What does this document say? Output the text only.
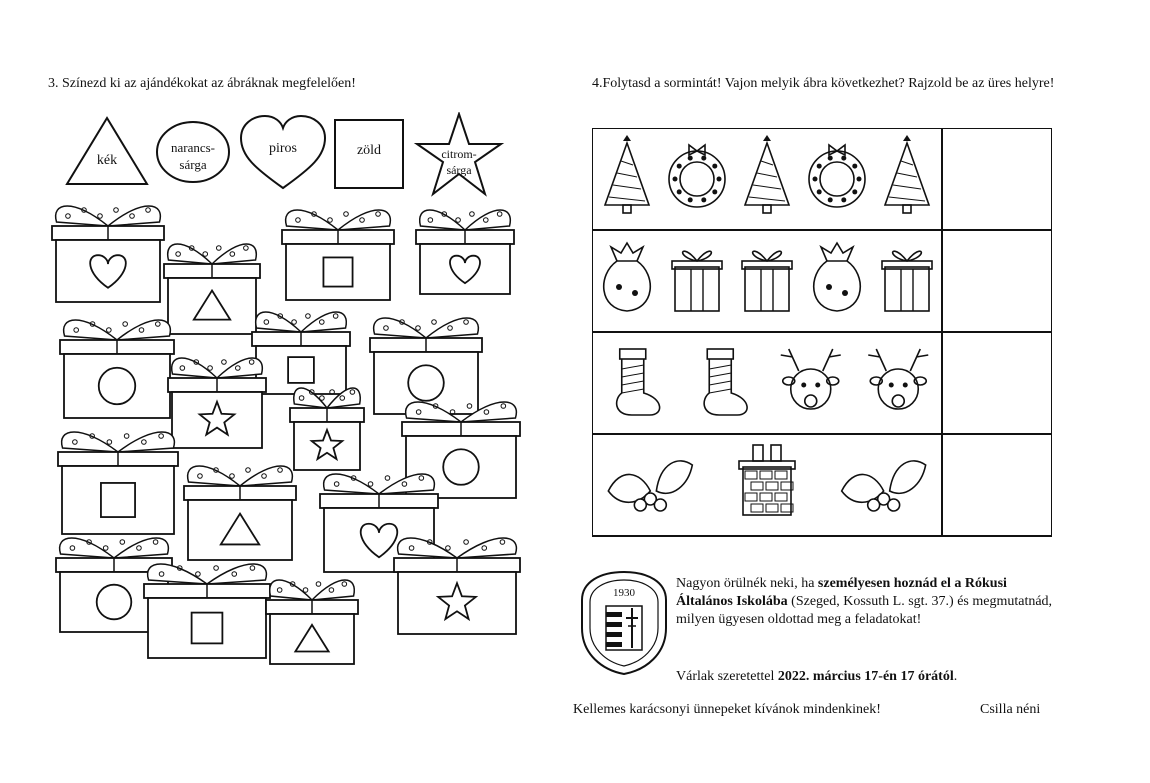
3. Színezd ki az ajándékokat az ábráknak megfelelően!	4.Folytasd a sormintát! Vajon melyik ábra következhet? Rajzold be az üres helyre!
kék
narancs-
sárga
piros	zöld	citrom-
sárga
1930
Nagyon örülnék neki, ha személyesen hoznád el a Rókusi Általános Iskolába (Szeged, Kossuth L. sgt. 37.) és megmutatnád, milyen ügyesen oldottad meg a feladatokat!
Várlak szeretettel 2022. március 17-én 17 órától.
Kellemes karácsonyi ünnepeket kívánok mindenkinek!	Csilla néni
